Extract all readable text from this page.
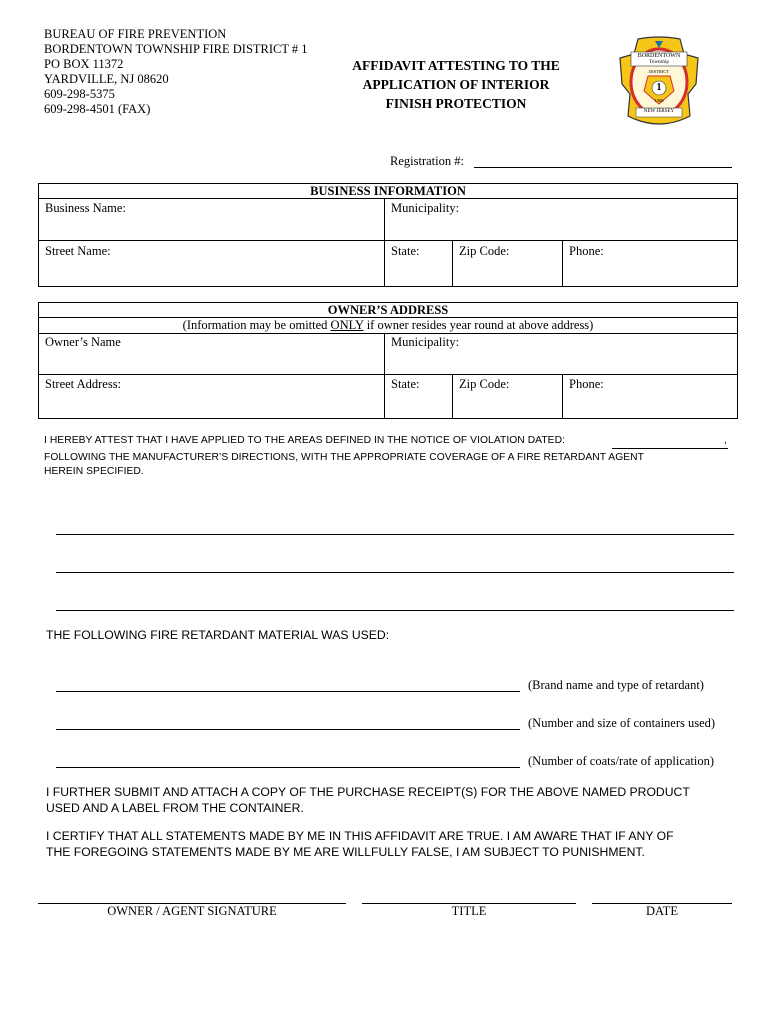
BUREAU OF FIRE PREVENTION
BORDENTOWN TOWNSHIP FIRE DISTRICT # 1
PO BOX 11372
YARDVILLE, NJ 08620
609-298-5375
609-298-4501 (FAX)
AFFIDAVIT ATTESTING TO THE
APPLICATION OF INTERIOR
FINISH PROTECTION
BORDENTOWN
Township
DISTRICT
1
1968
NEW JERSEY
Registration #:
BUSINESS INFORMATION
Business Name:	Municipality:
Street Name:	State:	Zip Code:	Phone:
OWNER’S ADDRESS
(Information may be omitted ONLY if owner resides year round at above address)
Owner’s Name	Municipality:
Street Address:	State:	Zip Code:	Phone:
I HEREBY ATTEST THAT I HAVE APPLIED TO THE AREAS DEFINED IN THE NOTICE OF VIOLATION DATED:	,
FOLLOWING THE MANUFACTURER’S DIRECTIONS, WITH THE APPROPRIATE COVERAGE OF A FIRE RETARDANT AGENT
HEREIN SPECIFIED.
THE FOLLOWING FIRE RETARDANT MATERIAL WAS USED:
(Brand name and type of retardant)
(Number and size of containers used)
(Number of coats/rate of application)
I FURTHER SUBMIT AND ATTACH A COPY OF THE PURCHASE RECEIPT(S) FOR THE ABOVE NAMED PRODUCT
USED AND A LABEL FROM THE CONTAINER.
I CERTIFY THAT ALL STATEMENTS MADE BY ME IN THIS AFFIDAVIT ARE TRUE. I AM AWARE THAT IF ANY OF
THE FOREGOING STATEMENTS MADE BY ME ARE WILLFULLY FALSE, I AM SUBJECT TO PUNISHMENT.
OWNER / AGENT SIGNATURE	TITLE	DATE
